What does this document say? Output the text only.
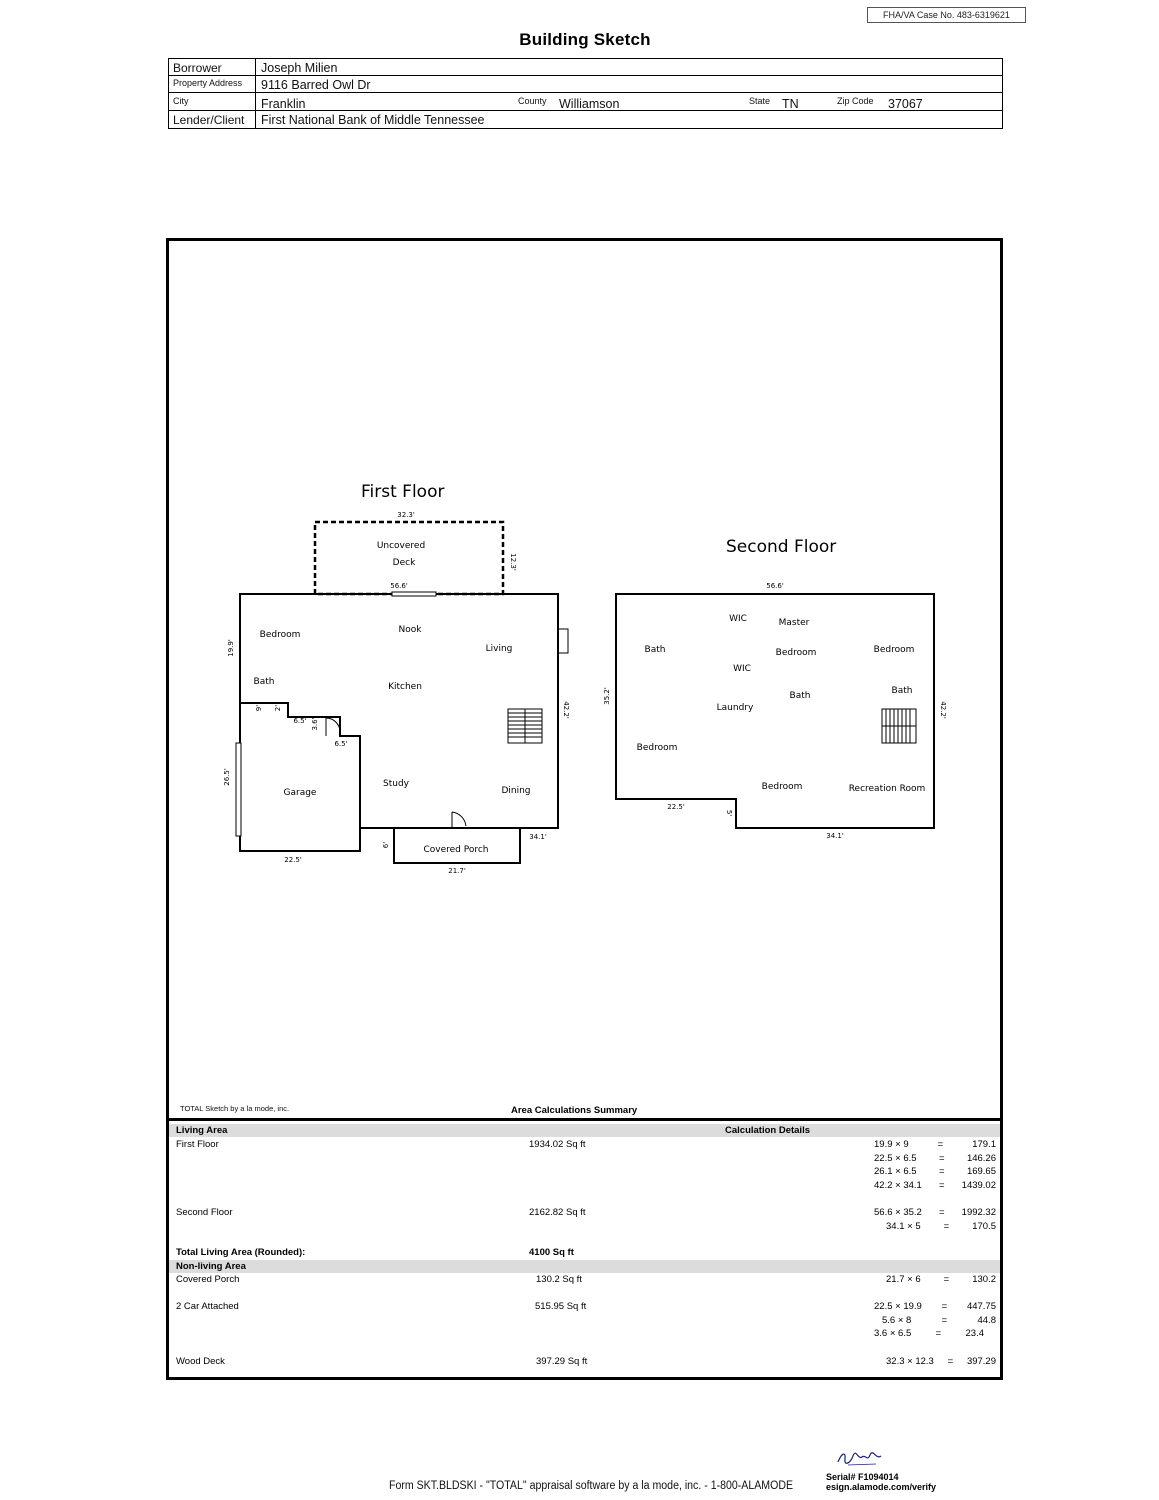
FHA/VA Case No. 483-6319621
Building Sketch
Borrower	Joseph Milien
Property Address 9116 Barred Owl Dr
City	Franklin	County Williamson	State TN	Zip Code 37067
Lender/Client First National Bank of Middle Tennessee
First Floor
Second Floor
Uncovered
Deck
Bedroom	Nook
Living
Bath	Kitchen
Garage
Study
Dining
Covered Porch
32.3'
12.3'
56.6'
19.9'
9' 2'
6.5' 3.6'
6.5'
26.5'
42.2'
22.5'
34.1'
6'
21.7'
WIC	Master
Bedroom
Bath
WIC
Bedroom
Bath	Bath
Laundry
Bedroom
Bedroom	Recreation Room
56.6'
35.2'
42.2'
22.5'
5'
34.1'
TOTAL Sketch by a la mode, inc.	Area Calculations Summary
Living Area	Calculation Details
First Floor	1934.02 Sq ft	19.9 × 9	=	179.1
22.5 × 6.5 = 146.26
26.1 × 6.5 = 169.65
42.2 × 34.1 = 1439.02
Second Floor	2162.82 Sq ft	56.6 × 35.2 = 1992.32
34.1 × 5 = 170.5
Total Living Area (Rounded):	4100 Sq ft
Non-living Area
Covered Porch	130.2 Sq ft	21.7 × 6 = 130.2
2 Car Attached	515.95 Sq ft	22.5 × 19.9 = 447.75
5.6 × 8	=	44.8
3.6 × 6.5	=	23.4
Wood Deck	397.29 Sq ft	32.3 × 12.3 = 397.29
Serial# F1094014
esign.alamode.com/verify
Form SKT.BLDSKI - "TOTAL" appraisal software by a la mode, inc. - 1-800-ALAMODE
